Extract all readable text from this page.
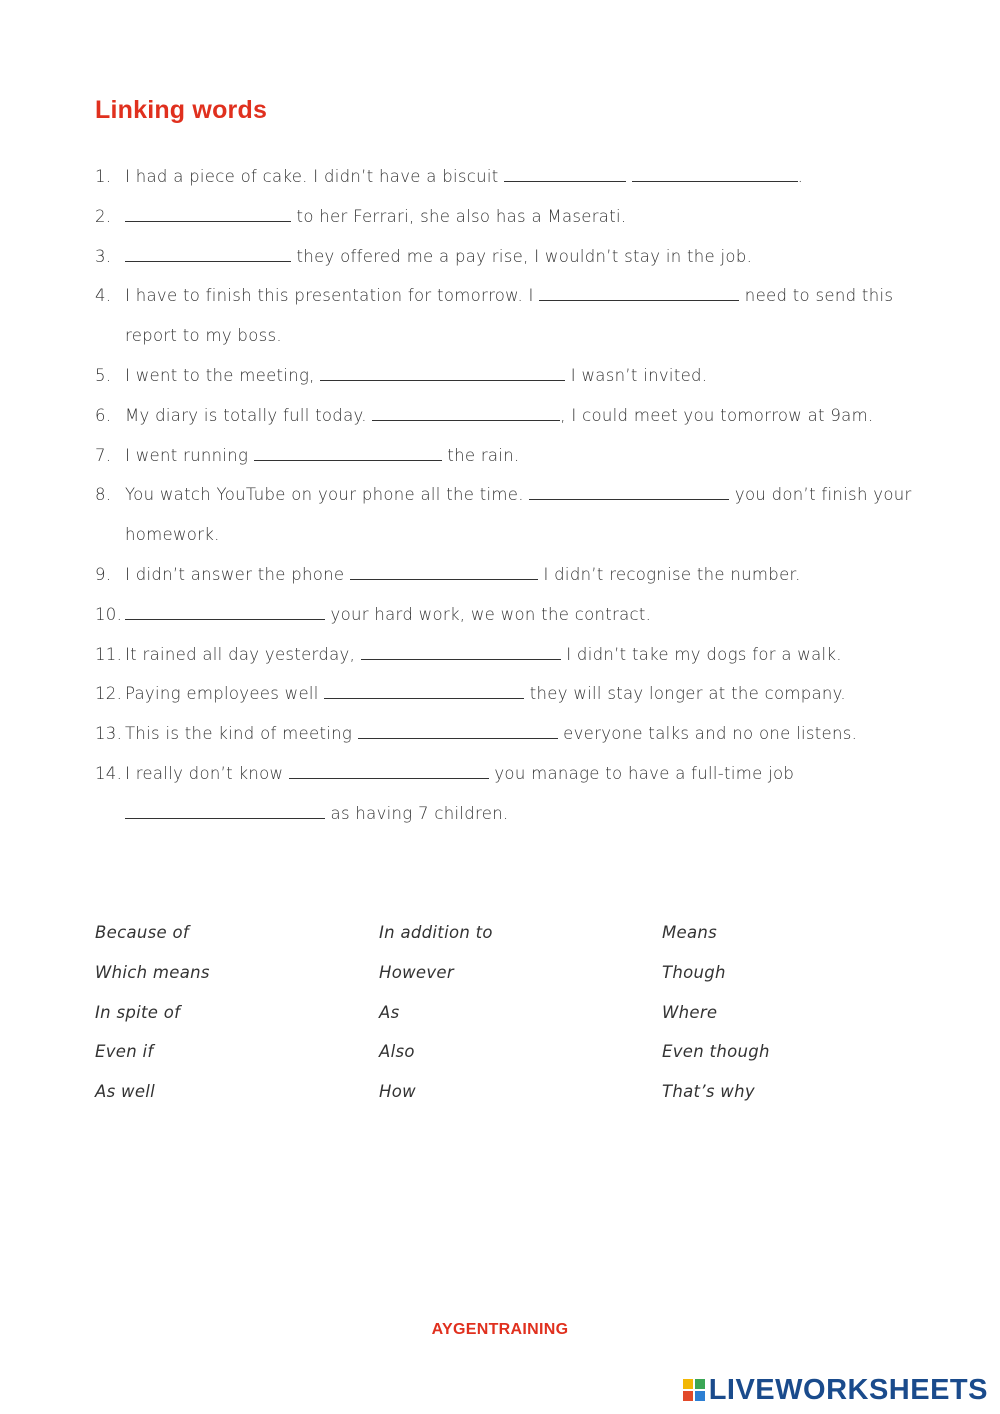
Linking words
1. I had a piece of cake. I didn’t have a biscuit	.
2.	to her Ferrari, she also has a Maserati.
3.	they offered me a pay rise, I wouldn’t stay in the job.
4. I have to finish this presentation for tomorrow. I	need to send this report to my boss.
5. I went to the meeting,	I wasn’t invited.
6. My diary is totally full today.	, I could meet you tomorrow at 9am.
7. I went running	the rain.
8. You watch YouTube on your phone all the time.	you don’t finish your homework.
9. I didn’t answer the phone	I didn’t recognise the number.
10.	your hard work, we won the contract.
11. It rained all day yesterday,	I didn’t take my dogs for a walk.
12. Paying employees well	they will stay longer at the company.
13. This is the kind of meeting	everyone talks and no one listens.
14. I really don’t know	you manage to have a full-time job
as having 7 children.
Because of	In addition to	Means
Which means	However	Though
In spite of	As	Where
Even if	Also	Even though
As well	How	That’s why
AYGENTRAINING
LIVEWORKSHEETS
